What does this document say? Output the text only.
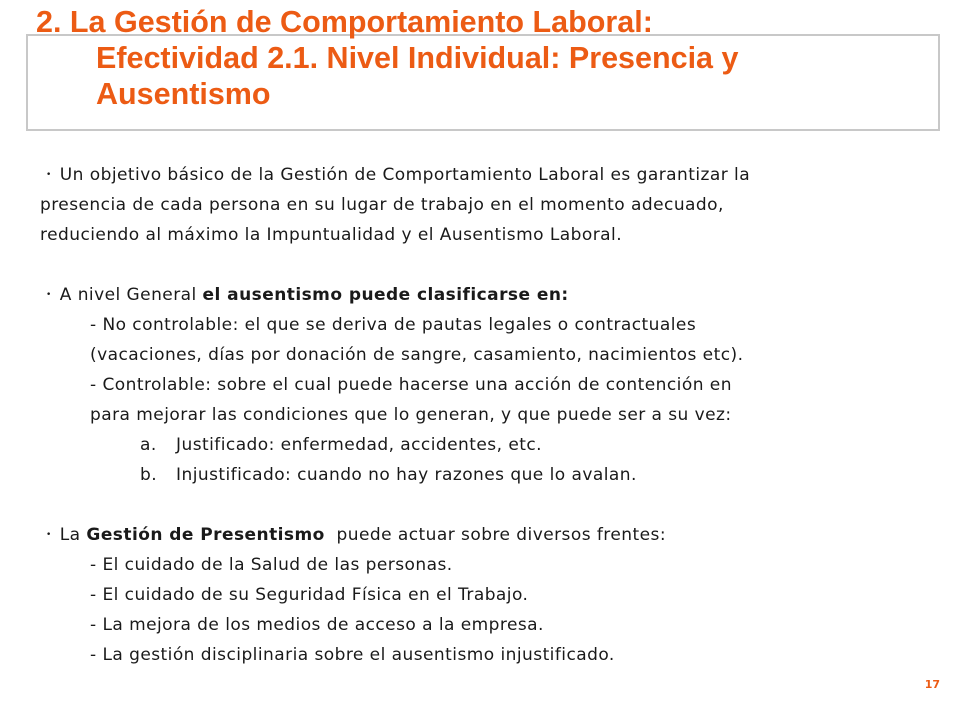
2. La Gestión de Comportamiento Laboral:
Efectividad 2.1. Nivel Individual: Presencia y
Ausentismo
• Un objetivo básico de la Gestión de Comportamiento Laboral es garantizar la
presencia de cada persona en su lugar de trabajo en el momento adecuado,
reduciendo al máximo la Impuntualidad y el Ausentismo Laboral.
• A nivel General el ausentismo puede clasificarse en:
- No controlable: el que se deriva de pautas legales o contractuales
(vacaciones, días por donación de sangre, casamiento, nacimientos etc).
- Controlable: sobre el cual puede hacerse una acción de contención en
para mejorar las condiciones que lo generan, y que puede ser a su vez:
a. Justificado: enfermedad, accidentes, etc.
b. Injustificado: cuando no hay razones que lo avalan.
• La Gestión de Presentismo  puede actuar sobre diversos frentes:
- El cuidado de la Salud de las personas.
- El cuidado de su Seguridad Física en el Trabajo.
- La mejora de los medios de acceso a la empresa.
- La gestión disciplinaria sobre el ausentismo injustificado.
17
